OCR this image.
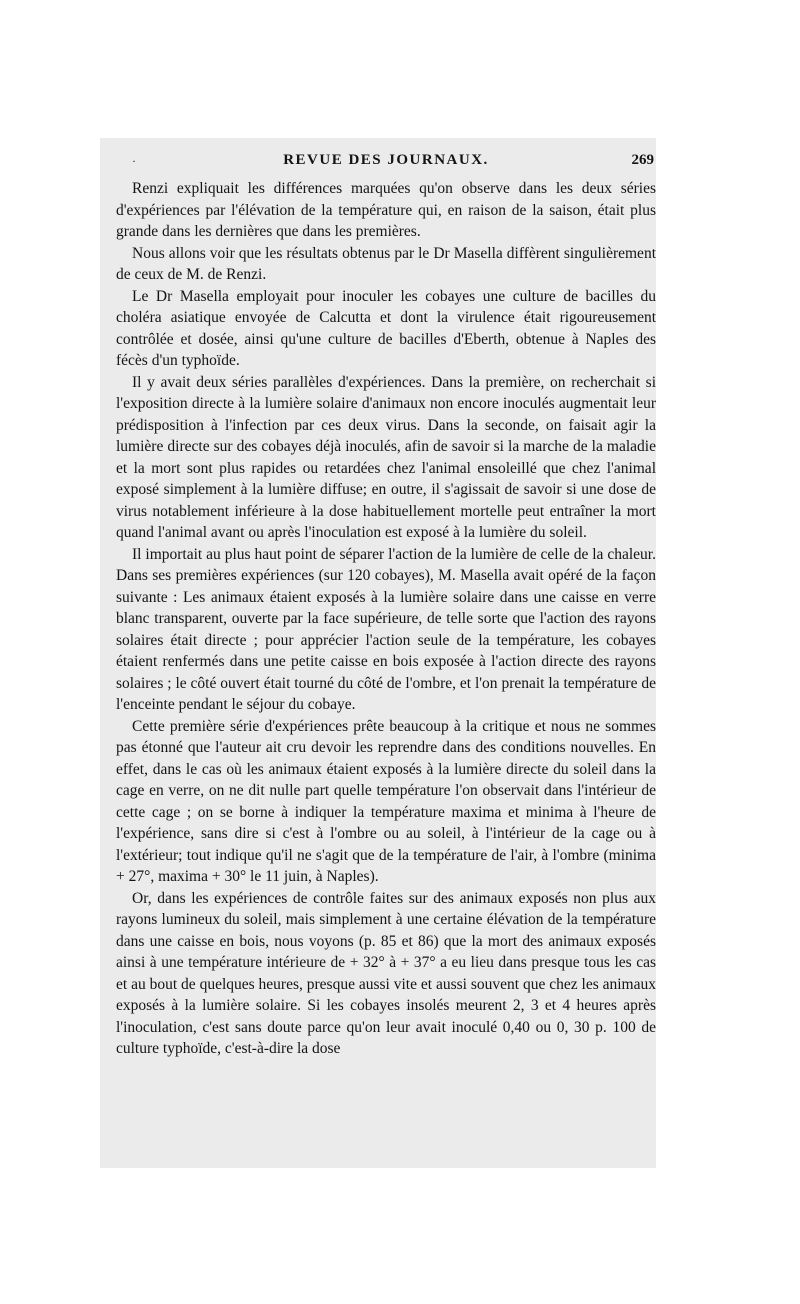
·	REVUE DES JOURNAUX.	269

Renzi expliquait les différences marquées qu'on observe dans les deux séries d'expériences par l'élévation de la température qui, en raison de la saison, était plus grande dans les dernières que dans les premières.

Nous allons voir que les résultats obtenus par le Dr Masella diffèrent singulièrement de ceux de M. de Renzi.

Le Dr Masella employait pour inoculer les cobayes une culture de bacilles du choléra asiatique envoyée de Calcutta et dont la virulence était rigoureusement contrôlée et dosée, ainsi qu'une culture de bacilles d'Eberth, obtenue à Naples des fécès d'un typhoïde.

Il y avait deux séries parallèles d'expériences. Dans la première, on recherchait si l'exposition directe à la lumière solaire d'animaux non encore inoculés augmentait leur prédisposition à l'infection par ces deux virus. Dans la seconde, on faisait agir la lumière directe sur des cobayes déjà inoculés, afin de savoir si la marche de la maladie et la mort sont plus rapides ou retardées chez l'animal ensoleillé que chez l'animal exposé simplement à la lumière diffuse; en outre, il s'agissait de savoir si une dose de virus notablement inférieure à la dose habituellement mortelle peut entraîner la mort quand l'animal avant ou après l'inoculation est exposé à la lumière du soleil.

Il importait au plus haut point de séparer l'action de la lumière de celle de la chaleur. Dans ses premières expériences (sur 120 cobayes), M. Masella avait opéré de la façon suivante : Les animaux étaient exposés à la lumière solaire dans une caisse en verre blanc transparent, ouverte par la face supérieure, de telle sorte que l'action des rayons solaires était directe ; pour apprécier l'action seule de la température, les cobayes étaient renfermés dans une petite caisse en bois exposée à l'action directe des rayons solaires ; le côté ouvert était tourné du côté de l'ombre, et l'on prenait la température de l'enceinte pendant le séjour du cobaye.

Cette première série d'expériences prête beaucoup à la critique et nous ne sommes pas étonné que l'auteur ait cru devoir les reprendre dans des conditions nouvelles. En effet, dans le cas où les animaux étaient exposés à la lumière directe du soleil dans la cage en verre, on ne dit nulle part quelle température l'on observait dans l'intérieur de cette cage ; on se borne à indiquer la température maxima et minima à l'heure de l'expérience, sans dire si c'est à l'ombre ou au soleil, à l'intérieur de la cage ou à l'extérieur; tout indique qu'il ne s'agit que de la température de l'air, à l'ombre (minima + 27°, maxima + 30° le 11 juin, à Naples).

Or, dans les expériences de contrôle faites sur des animaux exposés non plus aux rayons lumineux du soleil, mais simplement à une certaine élévation de la température dans une caisse en bois, nous voyons (p. 85 et 86) que la mort des animaux exposés ainsi à une température intérieure de + 32° à + 37° a eu lieu dans presque tous les cas et au bout de quelques heures, presque aussi vite et aussi souvent que chez les animaux exposés à la lumière solaire. Si les cobayes insolés meurent 2, 3 et 4 heures après l'inoculation, c'est sans doute parce qu'on leur avait inoculé 0,40 ou 0, 30 p. 100 de culture typhoïde, c'est-à-dire la dose
